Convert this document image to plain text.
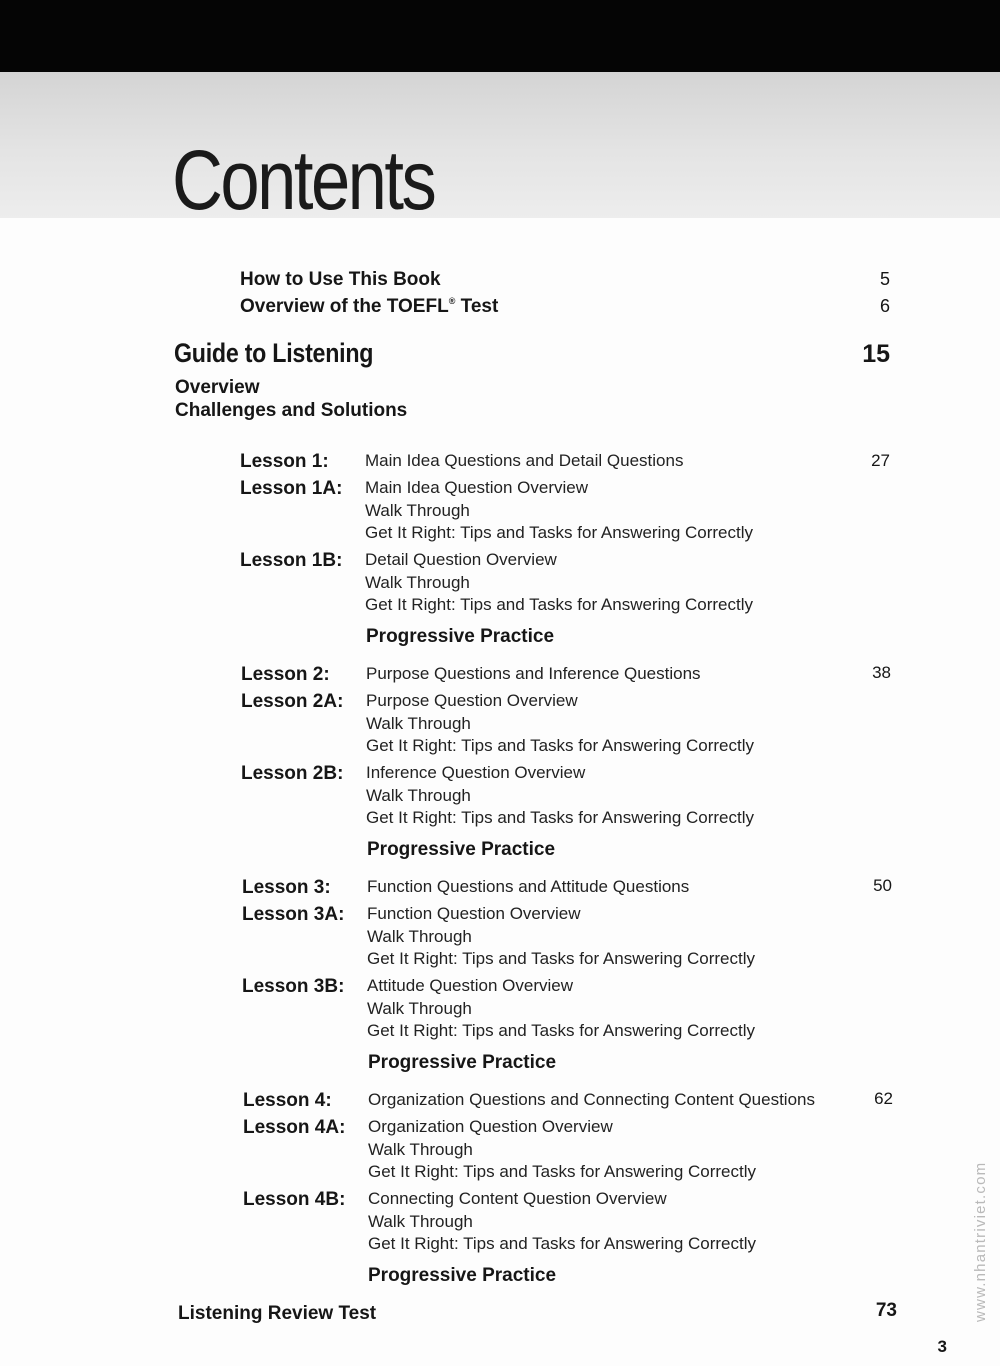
Contents
How to Use This Book	5
Overview of the TOEFL® Test	6
Guide to Listening	15
Overview
Challenges and Solutions
Lesson 1: Main Idea Questions and Detail Questions	27
Lesson 1A: Main Idea Question Overview
Walk Through
Get It Right: Tips and Tasks for Answering Correctly
Lesson 1B: Detail Question Overview
Walk Through
Get It Right: Tips and Tasks for Answering Correctly
Progressive Practice
Lesson 2: Purpose Questions and Inference Questions	38
Lesson 2A: Purpose Question Overview
Walk Through
Get It Right: Tips and Tasks for Answering Correctly
Lesson 2B: Inference Question Overview
Walk Through
Get It Right: Tips and Tasks for Answering Correctly
Progressive Practice
Lesson 3: Function Questions and Attitude Questions	50
Lesson 3A: Function Question Overview
Walk Through
Get It Right: Tips and Tasks for Answering Correctly
Lesson 3B: Attitude Question Overview
Walk Through
Get It Right: Tips and Tasks for Answering Correctly
Progressive Practice
Lesson 4: Organization Questions and Connecting Content Questions	62
Lesson 4A: Organization Question Overview
Walk Through
Get It Right: Tips and Tasks for Answering Correctly
Lesson 4B: Connecting Content Question Overview
Walk Through
Get It Right: Tips and Tasks for Answering Correctly
Progressive Practice
Listening Review Test	73
3
www.nhantriviet.com
